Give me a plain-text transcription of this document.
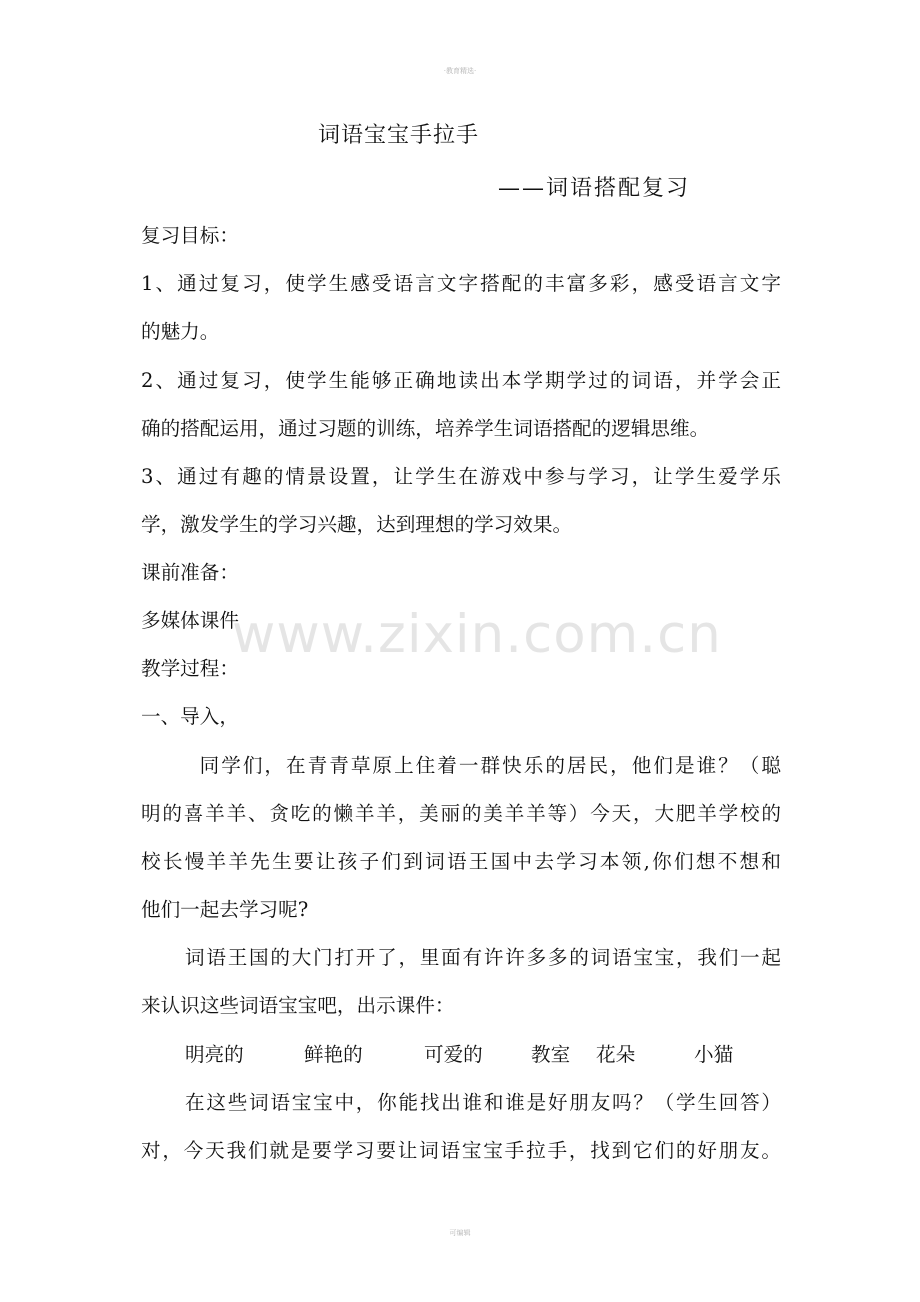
·教育精选·
词语宝宝手拉手
——词语搭配复习
复习目标：
1、通过复习，使学生感受语言文字搭配的丰富多彩，感受语言文字
的魅力。
2、通过复习，使学生能够正确地读出本学期学过的词语，并学会正
确的搭配运用，通过习题的训练，培养学生词语搭配的逻辑思维。
3、通过有趣的情景设置，让学生在游戏中参与学习，让学生爱学乐
学，激发学生的学习兴趣，达到理想的学习效果。
课前准备：
多媒体课件
教学过程：
一、导入，
　同学们，在青青草原上住着一群快乐的居民，他们是谁？（聪
明的喜羊羊、贪吃的懒羊羊，美丽的美羊羊等）今天，大肥羊学校的
校长慢羊羊先生要让孩子们到词语王国中去学习本领,你们想不想和
他们一起去学习呢?
词语王国的大门打开了，里面有许许多多的词语宝宝，我们一起
来认识这些词语宝宝吧，出示课件：
明亮的	鲜艳的	可爱的 教室 花朵	小猫
在这些词语宝宝中，你能找出谁和谁是好朋友吗？（学生回答）
对，今天我们就是要学习要让词语宝宝手拉手，找到它们的好朋友。
www.zixin.com.cn
可编辑
